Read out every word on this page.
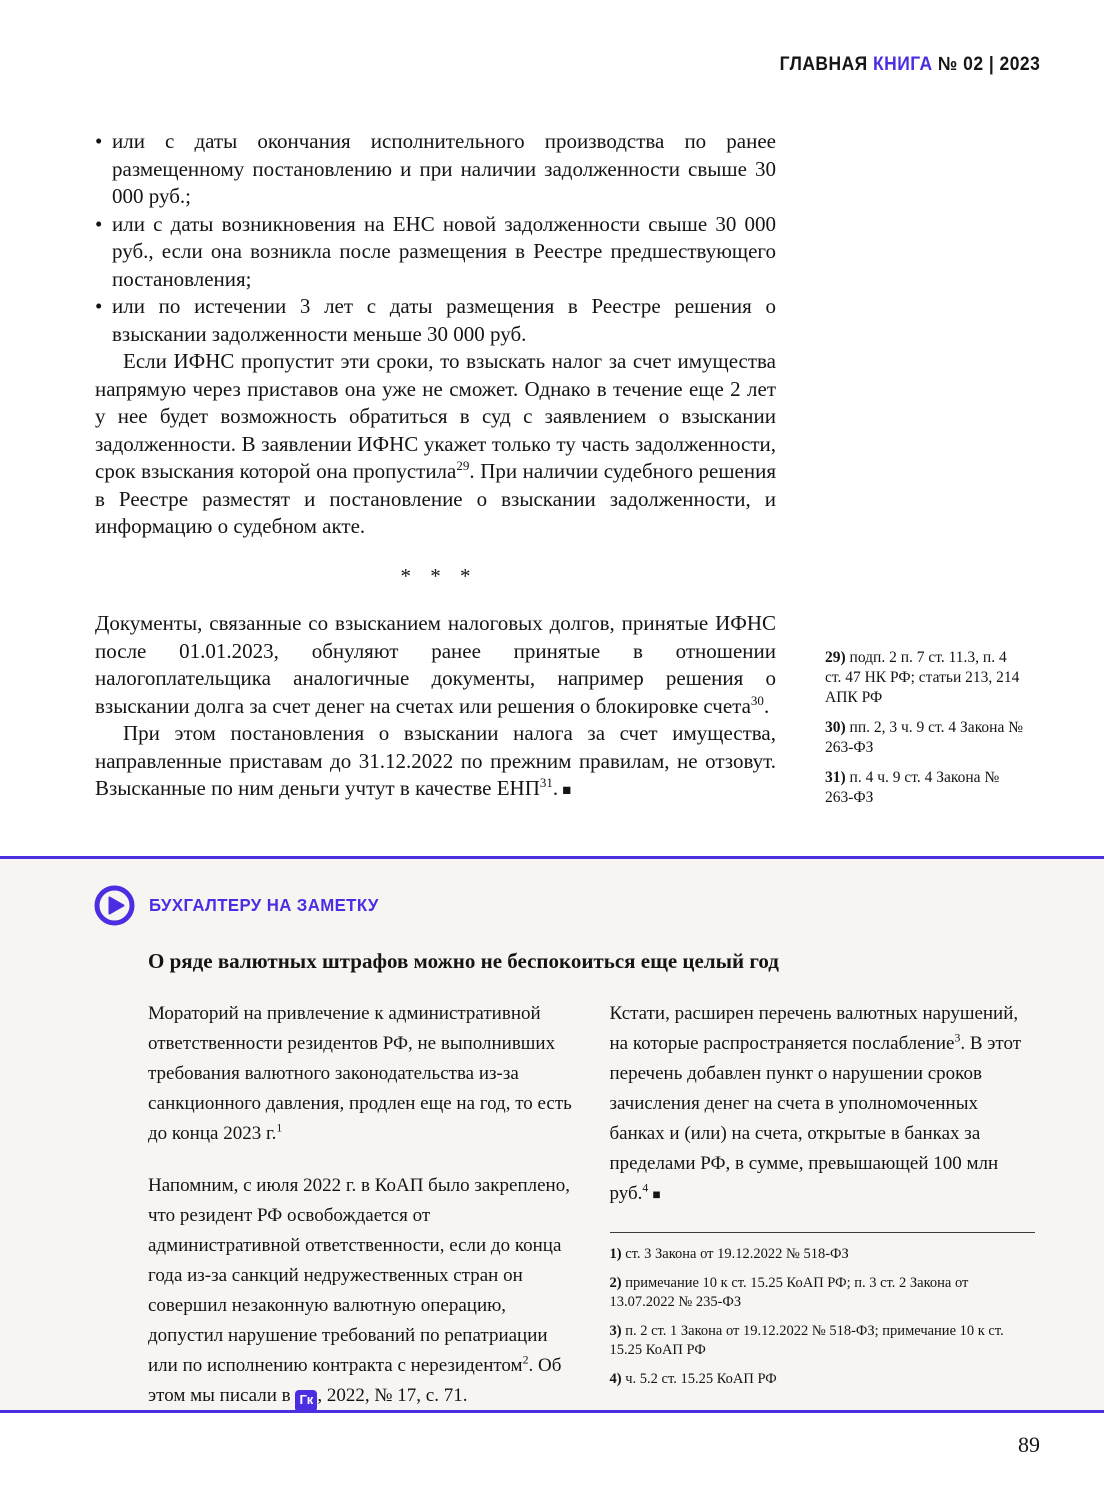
ГЛАВНАЯ КНИГА № 02 | 2023
• или с даты окончания исполнительного производства по ранее размещенному постановлению и при наличии задолженности свыше 30 000 руб.;
• или с даты возникновения на ЕНС новой задолженности свыше 30 000 руб., если она возникла после размещения в Реестре предшествующего постановления;
• или по истечении 3 лет с даты размещения в Реестре решения о взыскании задолженности меньше 30 000 руб.

Если ИФНС пропустит эти сроки, то взыскать налог за счет имущества напрямую через приставов она уже не сможет. Однако в течение еще 2 лет у нее будет возможность обратиться в суд с заявлением о взыскании задолженности. В заявлении ИФНС укажет только ту часть задолженности, срок взыскания которой она пропустила$^{29}$. При наличии судебного решения в Реестре разместят и постановление о взыскании задолженности, и информацию о судебном акте.

* * *

Документы, связанные со взысканием налоговых долгов, принятые ИФНС после 01.01.2023, обнуляют ранее принятые в отношении налогоплательщика аналогичные документы, например решения о взыскании долга за счет денег на счетах или решения о блокировке счета$^{30}$.

При этом постановления о взыскании налога за счет имущества, направленные приставам до 31.12.2022 по прежним правилам, не отзовут. Взысканные по ним деньги учтут в качестве ЕНП$^{31}$. ■

29) подп. 2 п. 7 ст. 11.3, п. 4 ст. 47 НК РФ; статьи 213, 214 АПК РФ
30) пп. 2, 3 ч. 9 ст. 4 Закона № 263-ФЗ
31) п. 4 ч. 9 ст. 4 Закона № 263-ФЗ
БУХГАЛТЕРУ НА ЗАМЕТКУ
О ряде валютных штрафов можно не беспокоиться еще целый год

Мораторий на привлечение к административной ответственности резидентов РФ, не выполнивших требования валютного законодательства из-за санкционного давления, продлен еще на год, то есть до конца 2023 г.$^1$

Напомним, с июля 2022 г. в КоАП было закреплено, что резидент РФ освобождается от административной ответственности, если до конца года из-за санкций недружественных стран он совершил незаконную валютную операцию, допустил нарушение требований по репатриации или по исполнению контракта с нерезидентом$^2$. Об этом мы писали в Гк , 2022, № 17, с. 71.

Кстати, расширен перечень валютных нарушений, на которые распространяется послабление$^3$. В этот перечень добавлен пункт о нарушении сроков зачисления денег на счета в уполномоченных банках и (или) на счета, открытые в банках за пределами РФ, в сумме, превышающей 100 млн руб.$^4$ ■

1) ст. 3 Закона от 19.12.2022 № 518-ФЗ
2) примечание 10 к ст. 15.25 КоАП РФ; п. 3 ст. 2 Закона от 13.07.2022 № 235-ФЗ
3) п. 2 ст. 1 Закона от 19.12.2022 № 518-ФЗ; примечание 10 к ст. 15.25 КоАП РФ
4) ч. 5.2 ст. 15.25 КоАП РФ
89
